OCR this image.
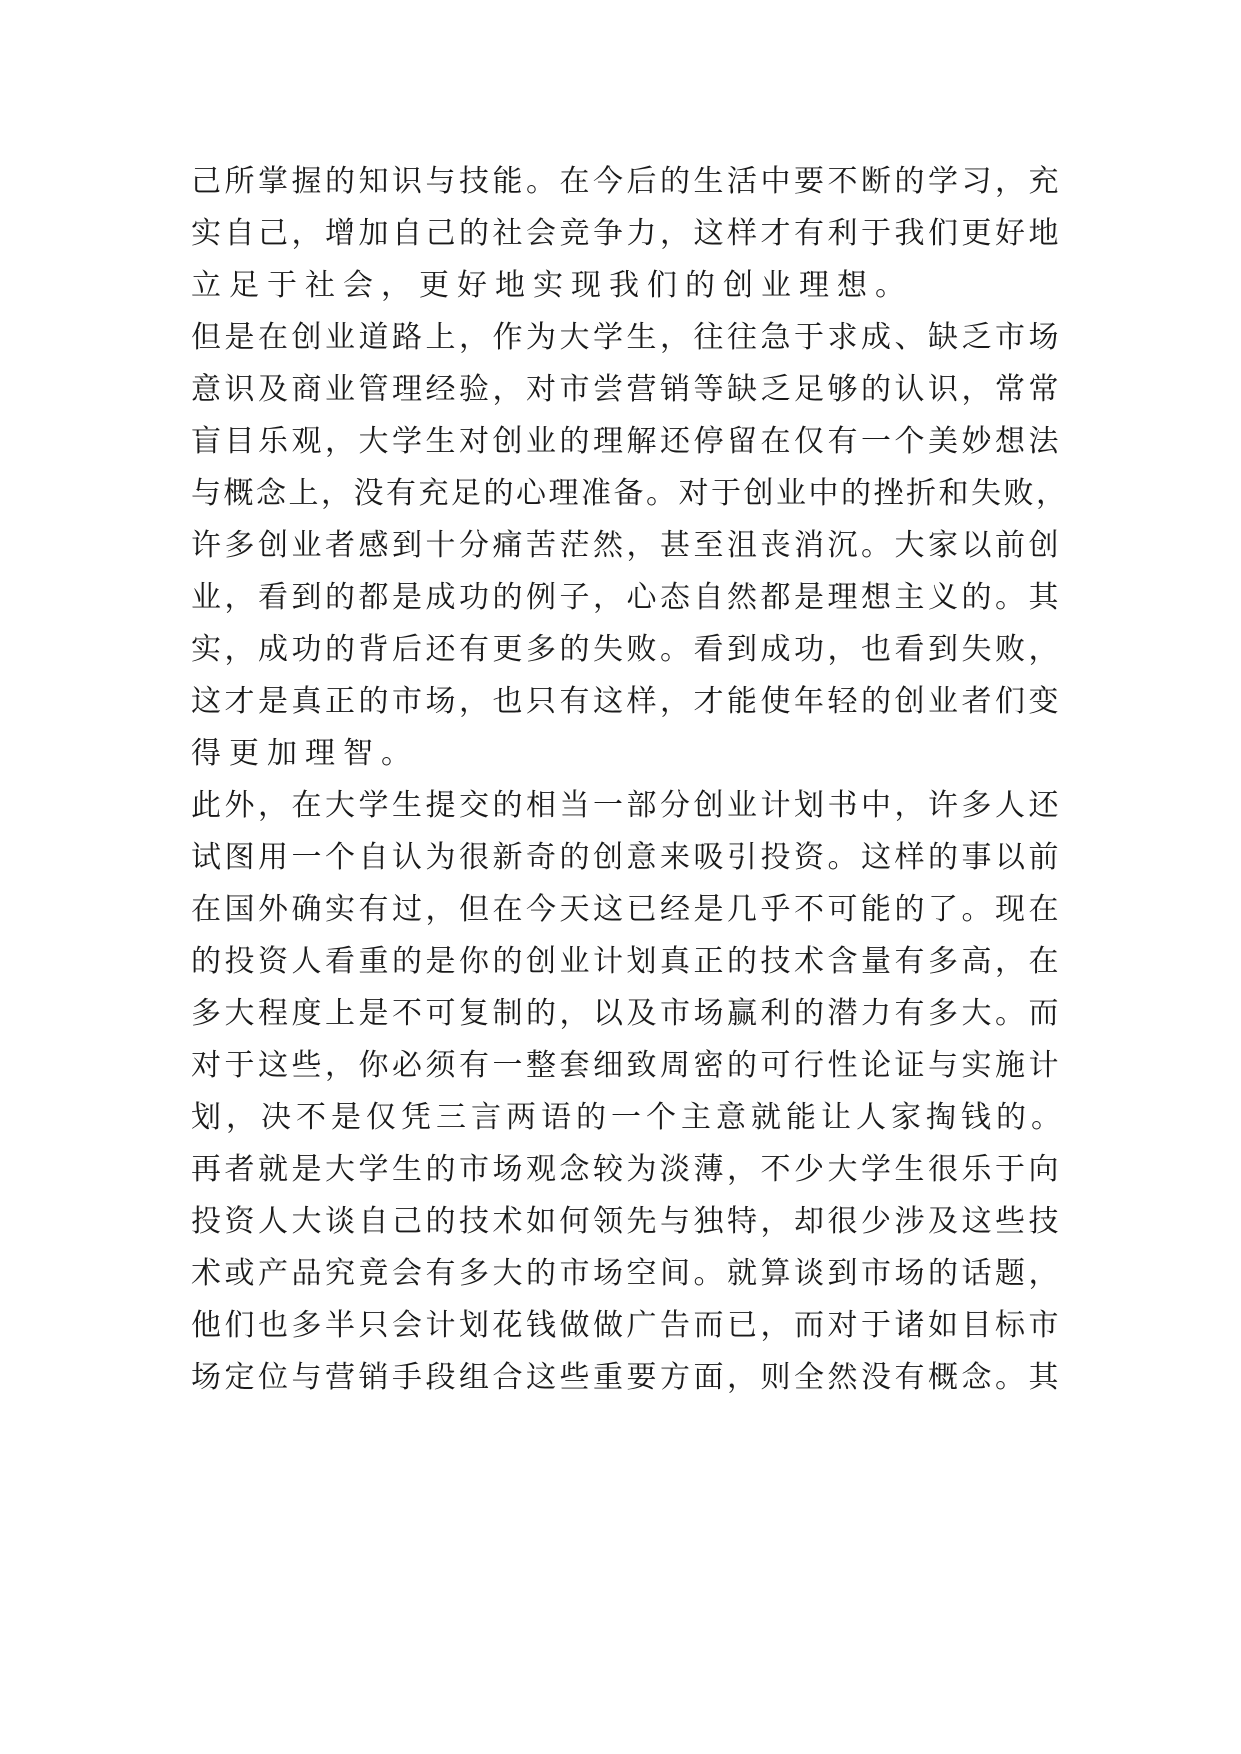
己所掌握的知识与技能。在今后的生活中要不断的学习，充
实自己，增加自己的社会竞争力，这样才有利于我们更好地
立足于社会，更好地实现我们的创业理想。
但是在创业道路上，作为大学生，往往急于求成、缺乏市场
意识及商业管理经验，对市尝营销等缺乏足够的认识，常常
盲目乐观，大学生对创业的理解还停留在仅有一个美妙想法
与概念上，没有充足的心理准备。对于创业中的挫折和失败，
许多创业者感到十分痛苦茫然，甚至沮丧消沉。大家以前创
业，看到的都是成功的例子，心态自然都是理想主义的。其
实，成功的背后还有更多的失败。看到成功，也看到失败，
这才是真正的市场，也只有这样，才能使年轻的创业者们变
得更加理智。
此外，在大学生提交的相当一部分创业计划书中，许多人还
试图用一个自认为很新奇的创意来吸引投资。这样的事以前
在国外确实有过，但在今天这已经是几乎不可能的了。现在
的投资人看重的是你的创业计划真正的技术含量有多高，在
多大程度上是不可复制的，以及市场赢利的潜力有多大。而
对于这些，你必须有一整套细致周密的可行性论证与实施计
划，决不是仅凭三言两语的一个主意就能让人家掏钱的。
再者就是大学生的市场观念较为淡薄，不少大学生很乐于向
投资人大谈自己的技术如何领先与独特，却很少涉及这些技
术或产品究竟会有多大的市场空间。就算谈到市场的话题，
他们也多半只会计划花钱做做广告而已，而对于诸如目标市
场定位与营销手段组合这些重要方面，则全然没有概念。其
